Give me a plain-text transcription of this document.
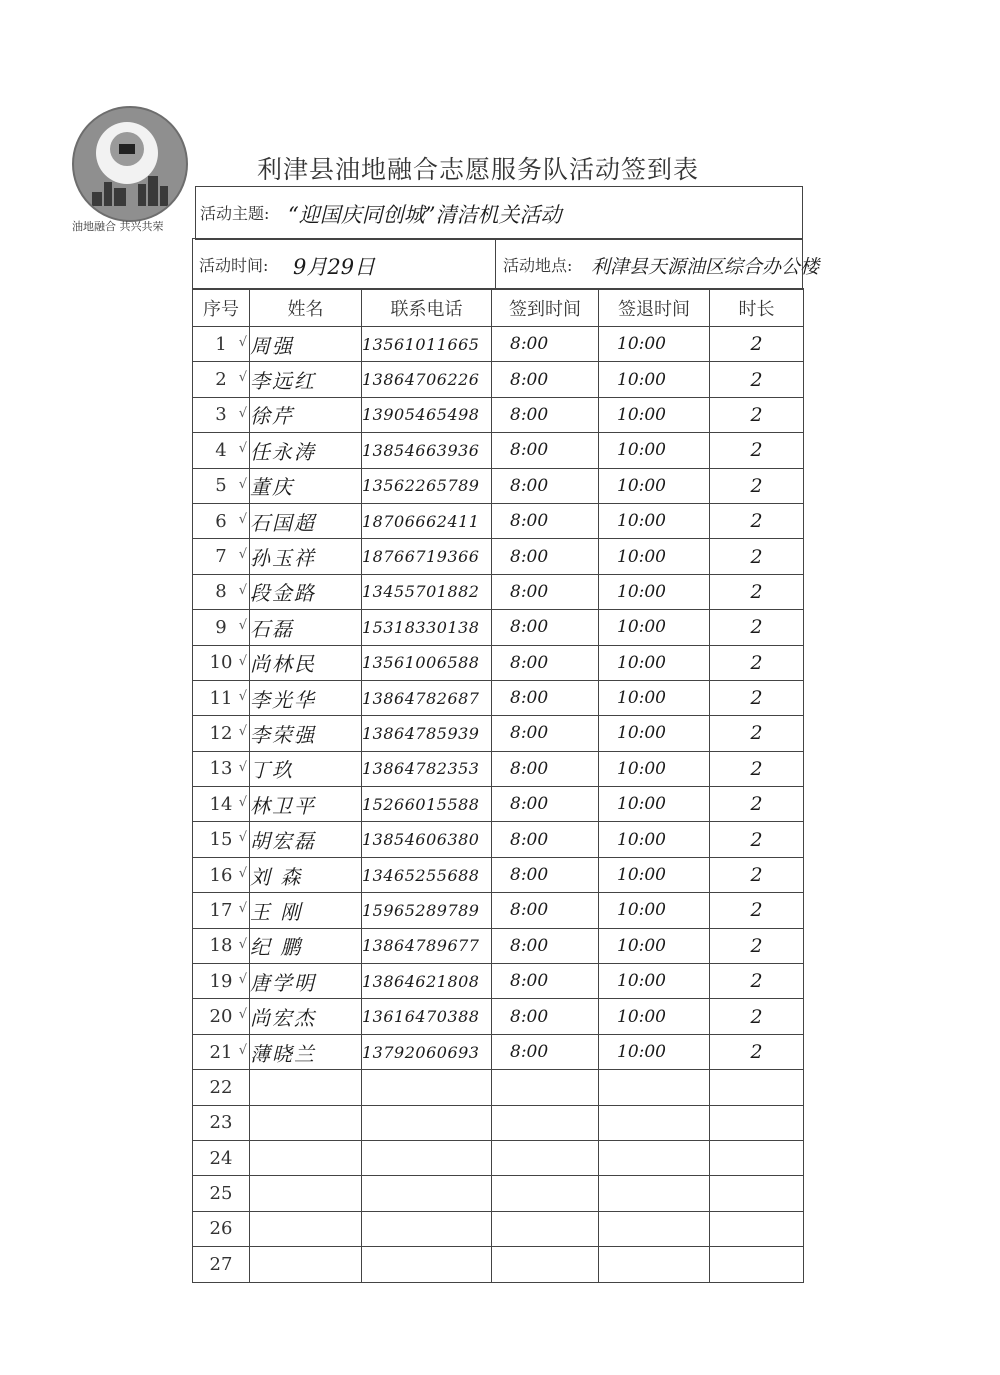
油地融合 共兴共荣
利津县油地融合志愿服务队活动签到表
活动主题: “迎国庆同创城”清洁机关活动
活动时间: 9月29日	活动地点: 利津县天源油区综合办公楼
序号	姓名	联系电话	签到时间	签退时间	时长
1 √	周强	13561011665	8:00	10:00	2
2 √	李远红	13864706226	8:00	10:00	2
3 √	徐芹	13905465498	8:00	10:00	2
4 √	任永涛	13854663936	8:00	10:00	2
5 √	董庆	13562265789	8:00	10:00	2
6 √	石国超	18706662411	8:00	10:00	2
7 √	孙玉祥	18766719366	8:00	10:00	2
8 √	段金路	13455701882	8:00	10:00	2
9 √	石磊	15318330138	8:00	10:00	2
10 √	尚林民	13561006588	8:00	10:00	2
11 √	李光华	13864782687	8:00	10:00	2
12 √	李荣强	13864785939	8:00	10:00	2
13 √	丁玖	13864782353	8:00	10:00	2
14 √	林卫平	15266015588	8:00	10:00	2
15 √	胡宏磊	13854606380	8:00	10:00	2
16 √	刘 森	13465255688	8:00	10:00	2
17 √	王 刚	15965289789	8:00	10:00	2
18 √	纪 鹏	13864789677	8:00	10:00	2
19 √	唐学明	13864621808	8:00	10:00	2
20 √	尚宏杰	13616470388	8:00	10:00	2
21 √	薄晓兰	13792060693	8:00	10:00	2
22					
23					
24					
25					
26					
27					
